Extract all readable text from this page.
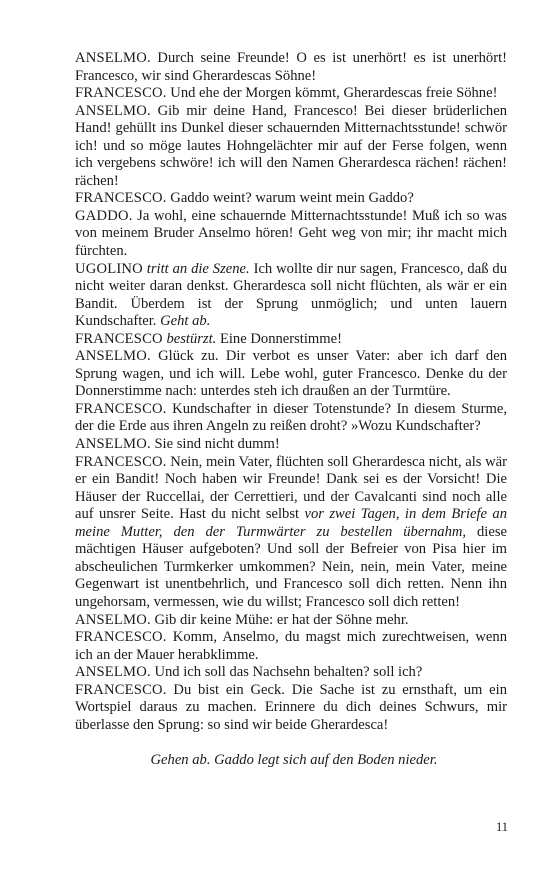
ANSELMO. Durch seine Freunde! O es ist unerhört! es ist unerhört! Francesco, wir sind Gherardescas Söhne!

FRANCESCO. Und ehe der Morgen kömmt, Gherardescas freie Söhne!

ANSELMO. Gib mir deine Hand, Francesco! Bei dieser brüderlichen Hand! gehüllt ins Dunkel dieser schauernden Mitternachtsstunde! schwör ich! und so möge lautes Hohngelächter mir auf der Ferse folgen, wenn ich vergebens schwöre! ich will den Namen Gherardesca rächen! rächen! rächen!

FRANCESCO. Gaddo weint? warum weint mein Gaddo?

GADDO. Ja wohl, eine schauernde Mitternachtsstunde! Muß ich so was von meinem Bruder Anselmo hören! Geht weg von mir; ihr macht mich fürchten.

UGOLINO tritt an die Szene. Ich wollte dir nur sagen, Francesco, daß du nicht weiter daran denkst. Gherardesca soll nicht flüchten, als wär er ein Bandit. Überdem ist der Sprung unmöglich; und unten lauern Kundschafter. Geht ab.

FRANCESCO bestürzt. Eine Donnerstimme!

ANSELMO. Glück zu. Dir verbot es unser Vater: aber ich darf den Sprung wagen, und ich will. Lebe wohl, guter Francesco. Denke du der Donnerstimme nach: unterdes steh ich draußen an der Turmtüre.

FRANCESCO. Kundschafter in dieser Totenstunde? In diesem Sturme, der die Erde aus ihren Angeln zu reißen droht? »Wozu Kundschafter?

ANSELMO. Sie sind nicht dumm!

FRANCESCO. Nein, mein Vater, flüchten soll Gherardesca nicht, als wär er ein Bandit! Noch haben wir Freunde! Dank sei es der Vorsicht! Die Häuser der Ruccellai, der Cerrettieri, und der Cavalcanti sind noch alle auf unsrer Seite. Hast du nicht selbst vor zwei Tagen, in dem Briefe an meine Mutter, den der Turmwärter zu bestellen übernahm, diese mächtigen Häuser aufgeboten? Und soll der Befreier von Pisa hier im abscheulichen Turmkerker umkommen? Nein, nein, mein Vater, meine Gegenwart ist unentbehrlich, und Francesco soll dich retten. Nenn ihn ungehorsam, vermessen, wie du willst; Francesco soll dich retten!

ANSELMO. Gib dir keine Mühe: er hat der Söhne mehr.

FRANCESCO. Komm, Anselmo, du magst mich zurechtweisen, wenn ich an der Mauer herabklimme.

ANSELMO. Und ich soll das Nachsehn behalten? soll ich?

FRANCESCO. Du bist ein Geck. Die Sache ist zu ernsthaft, um ein Wortspiel daraus zu machen. Erinnere du dich deines Schwurs, mir überlasse den Sprung: so sind wir beide Gherardesca!

Gehen ab. Gaddo legt sich auf den Boden nieder.

11
